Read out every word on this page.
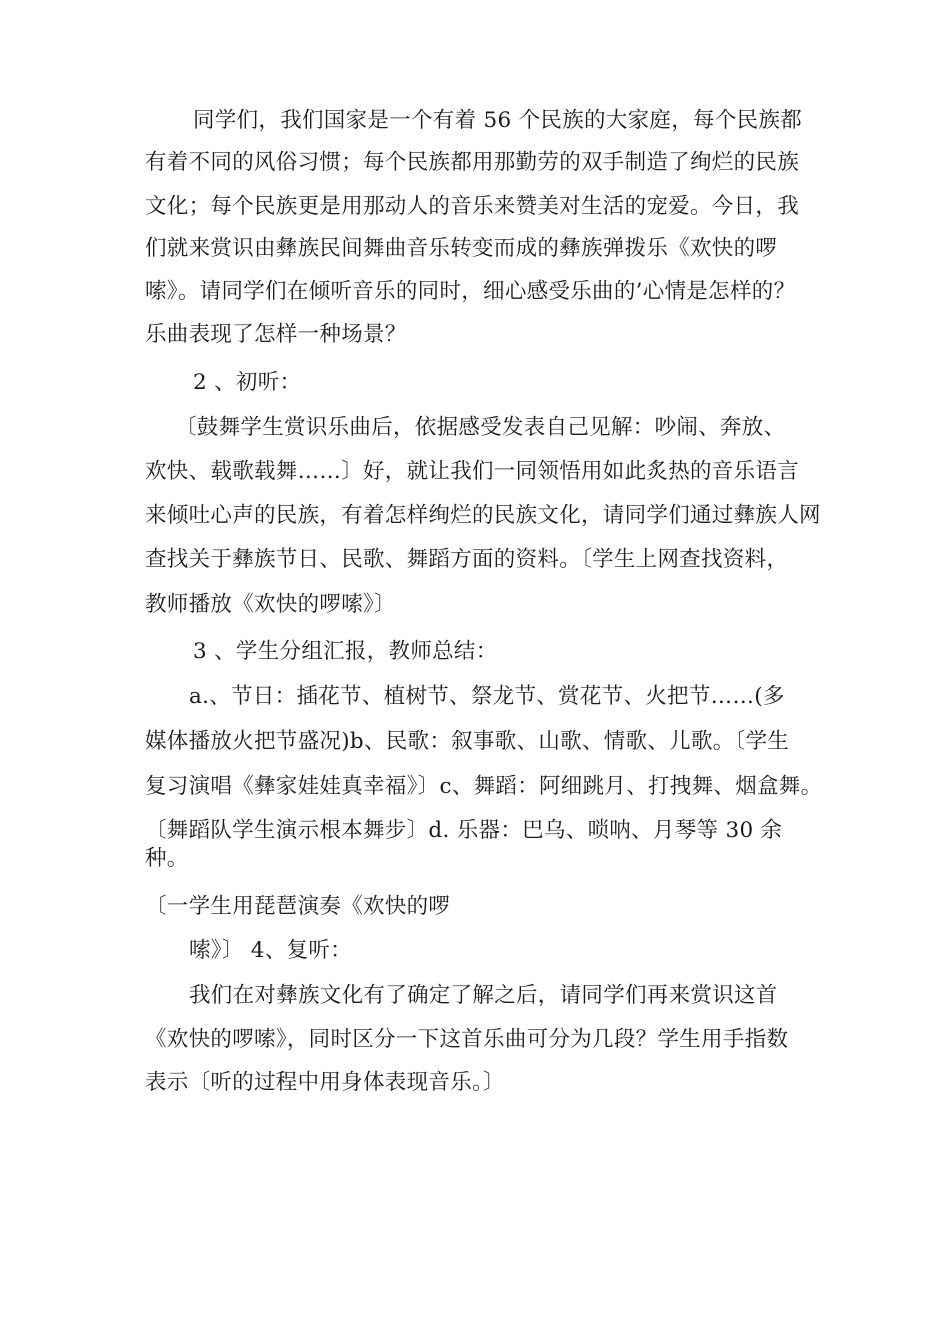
同学们，我们国家是一个有着 56 个民族的大家庭，每个民族都
有着不同的风俗习惯；每个民族都用那勤劳的双手制造了绚烂的民族
文化；每个民族更是用那动人的音乐来赞美对生活的宠爱。今日，我
们就来赏识由彝族民间舞曲音乐转变而成的彝族弹拨乐《欢快的啰
嗦》。请同学们在倾听音乐的同时，细心感受乐曲的’心情是怎样的？
乐曲表现了怎样一种场景？
2 、初听：
〔鼓舞学生赏识乐曲后，依据感受发表自己见解：吵闹、奔放、
欢快、载歌载舞……〕好，就让我们一同领悟用如此炙热的音乐语言
来倾吐心声的民族，有着怎样绚烂的民族文化，请同学们通过彝族人网
查找关于彝族节日、民歌、舞蹈方面的资料。〔学生上网查找资料，
教师播放《欢快的啰嗦》〕
3 、学生分组汇报，教师总结：
a.、节日：插花节、植树节、祭龙节、赏花节、火把节……(多
媒体播放火把节盛况)b、民歌：叙事歌、山歌、情歌、儿歌。〔学生
复习演唱《彝家娃娃真幸福》〕c、舞蹈：阿细跳月、打拽舞、烟盒舞。
〔舞蹈队学生演示根本舞步〕d. 乐器：巴乌、唢呐、月琴等 30 余
种。
〔一学生用琵琶演奏《欢快的啰
嗦》〕 4、复听：
我们在对彝族文化有了确定了解之后，请同学们再来赏识这首
《欢快的啰嗦》，同时区分一下这首乐曲可分为几段？学生用手指数
表示〔听的过程中用身体表现音乐。〕
